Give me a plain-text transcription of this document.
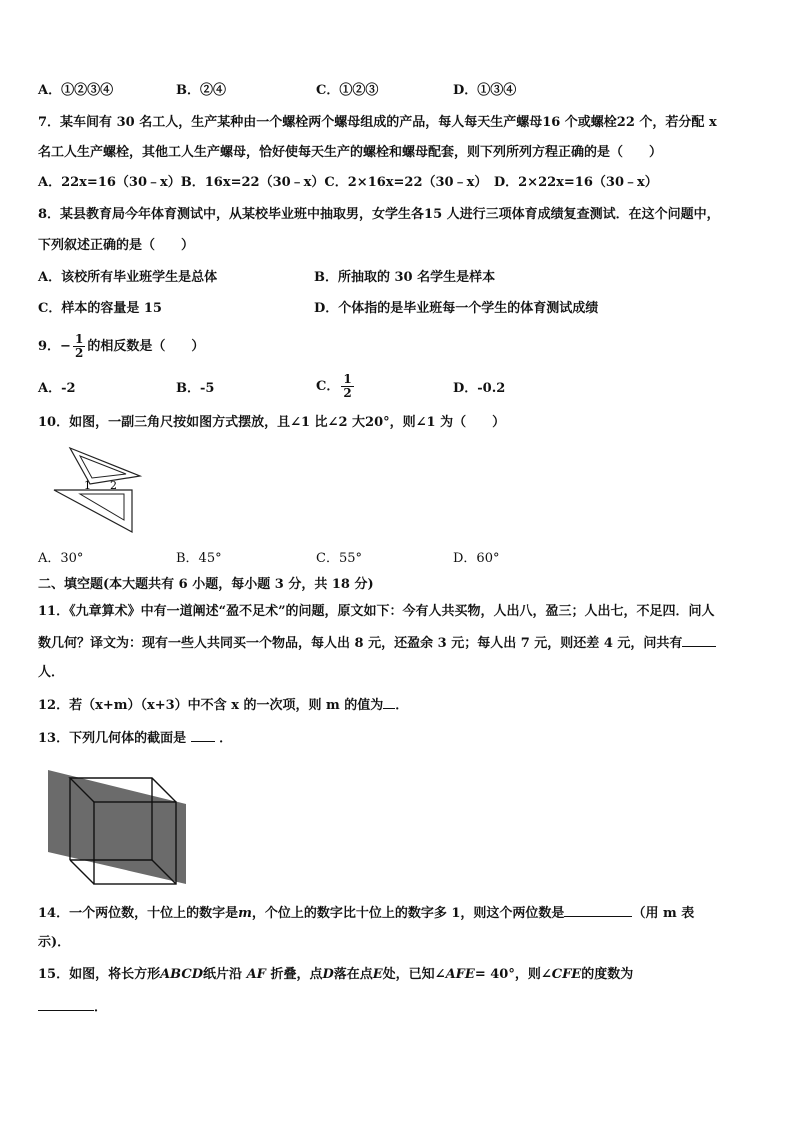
A．①②③④	B．②④	C．①②③	D．①③④
7．某车间有 30 名工人，生产某种由一个螺栓两个螺母组成的产品，每人每天生产螺母16 个或螺栓22 个，若分配 x
名工人生产螺栓，其他工人生产螺母，恰好使每天生产的螺栓和螺母配套，则下列所列方程正确的是（　　）
A．22x=16（30﹣x）B．16x=22（30﹣x）C．2×16x=22（30﹣x）　D．2×22x=16（30﹣x）
8．某县教育局今年体育测试中，从某校毕业班中抽取男，女学生各15 人进行三项体育成绩复查测试．在这个问题中，
下列叙述正确的是（　　）
A．该校所有毕业班学生是总体	B．所抽取的 30 名学生是样本
C．样本的容量是 15	D．个体指的是毕业班每一个学生的体育测试成绩
9．− $\frac{1}{2}$ 的相反数是（　　）
A．-2	B．-5	C． $\frac{1}{2}$	D．-0.2
10．如图，一副三角尺按如图方式摆放，且∠1 比∠2 大20°，则∠1 为（　　）
1 2
A．30°	B．45°	C．55°	D．60°
二、填空题(本大题共有 6 小题，每小题 3 分，共 18 分)
11．《九章算术》中有一道阐述“盈不足术”的问题，原文如下：今有人共买物，人出八，盈三；人出七，不足四．问人
数几何？译文为：现有一些人共同买一个物品，每人出 8 元，还盈余 3 元；每人出 7 元，则还差 4 元，问共有
人．
12．若（x+m）（x+3）中不含 x 的一次项，则 m 的值为 ．
13．下列几何体的截面是	．
14．一个两位数，十位上的数字是m，个位上的数字比十位上的数字多 1，则这个两位数是	（用 m 表
示)．
15．如图，将长方形ABCD纸片沿 AF 折叠，点D落在点E处，已知∠AFE= 40°，则∠CFE的度数为
．
